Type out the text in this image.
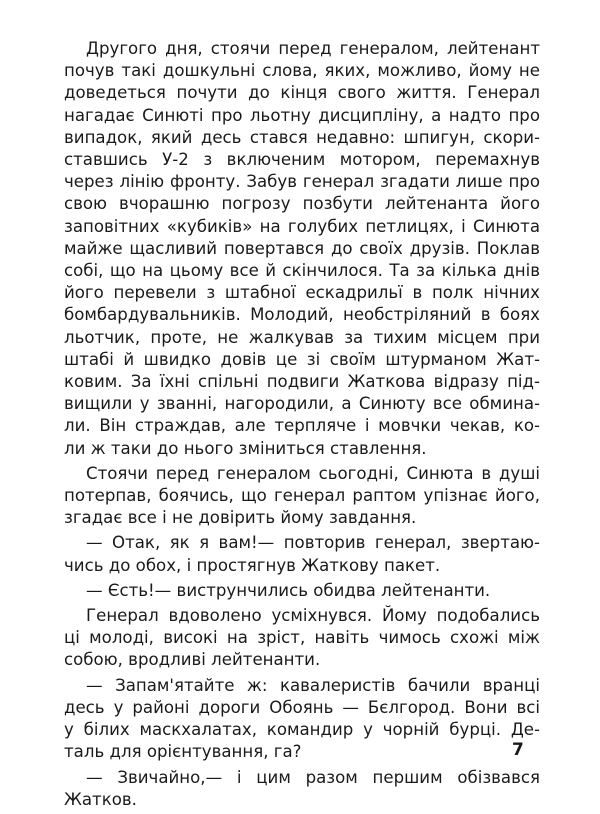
Другого дня, стоячи перед генералом, лейтенант
почув такі дошкульні слова, яких, можливо, йому не
доведеться почути до кінця свого життя. Генерал
нагадає Синюті про льотну дисципліну, а надто про
випадок, який десь стався недавно: шпигун, скори-
ставшись У-2 з включеним мотором, перемахнув
через лінію фронту. Забув генерал згадати лише про
свою вчорашню погрозу позбути лейтенанта його
заповітних «кубиків» на голубих петлицях, і Синюта
майже щасливий повертався до своїх друзів. Поклав
собі, що на цьому все й скінчилося. Та за кілька днів
його перевели з штабної ескадрильї в полк нічних
бомбардувальників. Молодий, необстріляний в боях
льотчик, проте, не жалкував за тихим місцем при
штабі й швидко довів це зі своїм штурманом Жат-
ковим. За їхні спільні подвиги Жаткова відразу під-
вищили у званні, нагородили, а Синюту все обмина-
ли. Він страждав, але терпляче і мовчки чекав, ко-
ли ж таки до нього зміниться ставлення.
Стоячи перед генералом сьогодні, Синюта в душі
потерпав, боячись, що генерал раптом упізнає його,
згадає все і не довірить йому завдання.
— Отак, як я вам!— повторив генерал, звертаю-
чись до обох, і простягнув Жаткову пакет.
— Єсть!— виструнчились обидва лейтенанти.
Генерал вдоволено усміхнувся. Йому подобались
ці молоді, високі на зріст, навіть чимось схожі між
собою, вродливі лейтенанти.
— Запам'ятайте ж: кавалеристів бачили вранці
десь у районі дороги Обоянь — Бєлгород. Вони всі
у білих маскхалатах, командир у чорній бурці. Де-
таль для орієнтування, га?
— Звичайно,— і цим разом першим обізвався
Жатков.
7
